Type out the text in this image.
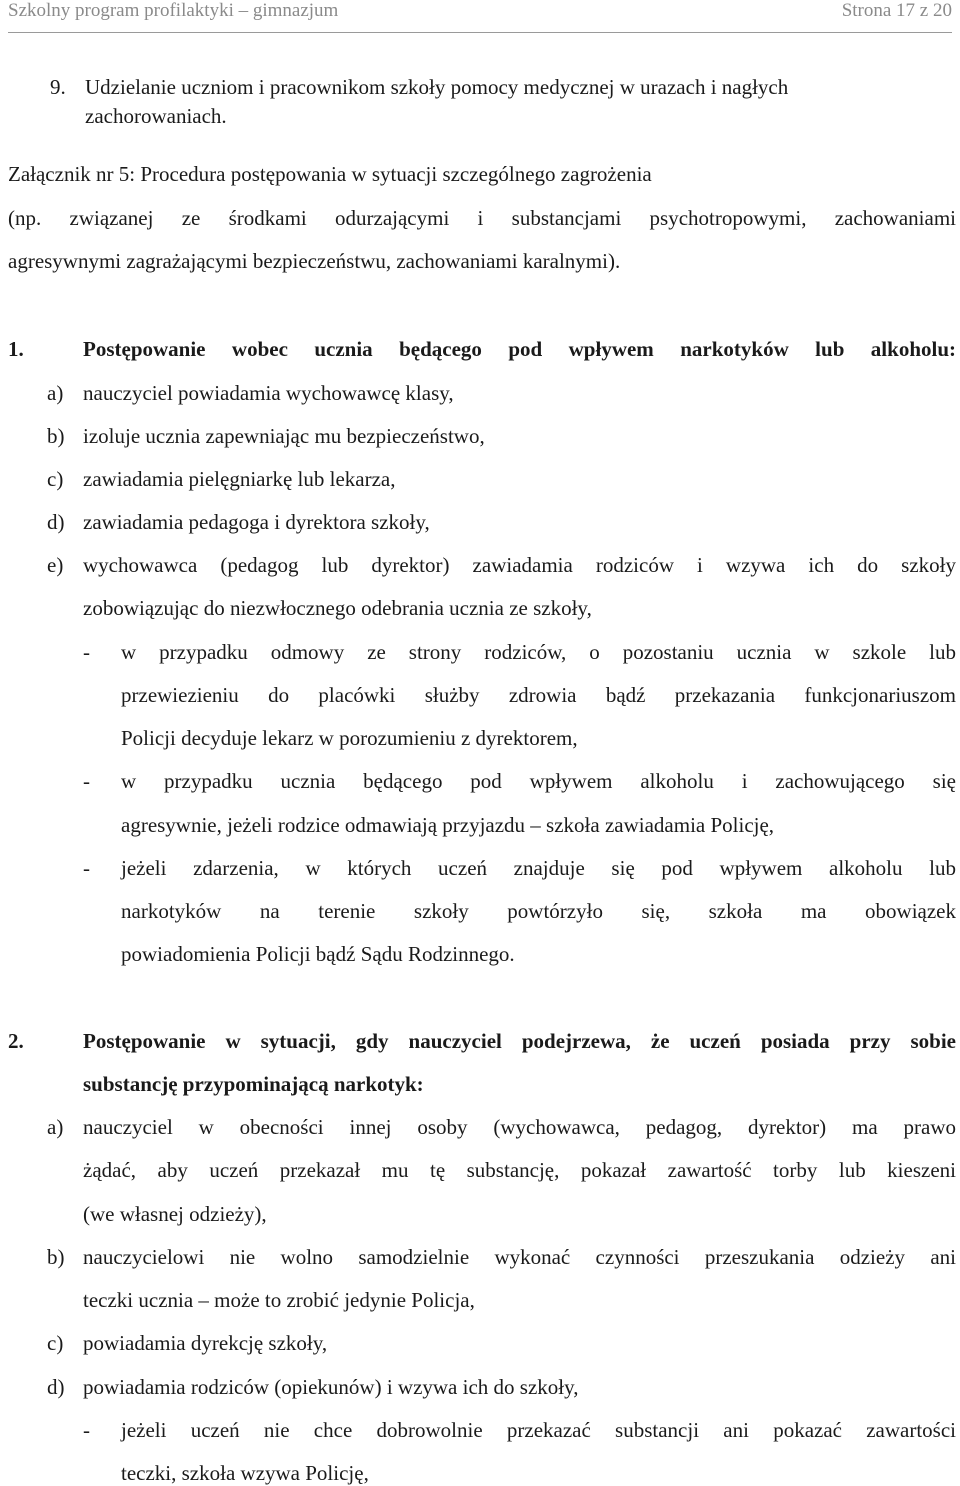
Szkolny program profilaktyki – gimnazjum	Strona 17 z 20
9. Udzielanie uczniom i pracownikom szkoły pomocy medycznej w urazach i nagłych
zachorowaniach.
Załącznik nr 5: Procedura postępowania w sytuacji szczególnego zagrożenia
(np. związanej ze środkami odurzającymi i substancjami psychotropowymi, zachowaniami
agresywnymi zagrażającymi bezpieczeństwu, zachowaniami karalnymi).
1.	Postępowanie wobec ucznia będącego pod wpływem narkotyków lub alkoholu:
a) nauczyciel powiadamia wychowawcę klasy,
b) izoluje ucznia zapewniając mu bezpieczeństwo,
c) zawiadamia pielęgniarkę lub lekarza,
d) zawiadamia pedagoga i dyrektora szkoły,
e) wychowawca (pedagog lub dyrektor) zawiadamia rodziców i wzywa ich do szkoły
zobowiązując do niezwłocznego odebrania ucznia ze szkoły,
- w przypadku odmowy ze strony rodziców, o pozostaniu ucznia w szkole lub
przewiezieniu do placówki służby zdrowia bądź przekazania funkcjonariuszom
Policji decyduje lekarz w porozumieniu z dyrektorem,
- w przypadku ucznia będącego pod wpływem alkoholu i zachowującego się
agresywnie, jeżeli rodzice odmawiają przyjazdu – szkoła zawiadamia Policję,
- jeżeli zdarzenia, w których uczeń znajduje się pod wpływem alkoholu lub
narkotyków na terenie szkoły powtórzyło się, szkoła ma obowiązek
powiadomienia Policji bądź Sądu Rodzinnego.
2.	Postępowanie w sytuacji, gdy nauczyciel podejrzewa, że uczeń posiada przy sobie
substancję przypominającą narkotyk:
a) nauczyciel w obecności innej osoby (wychowawca, pedagog, dyrektor) ma prawo
żądać, aby uczeń przekazał mu tę substancję, pokazał zawartość torby lub kieszeni
(we własnej odzieży),
b) nauczycielowi nie wolno samodzielnie wykonać czynności przeszukania odzieży ani
teczki ucznia – może to zrobić jedynie Policja,
c) powiadamia dyrekcję szkoły,
d) powiadamia rodziców (opiekunów) i wzywa ich do szkoły,
- jeżeli uczeń nie chce dobrowolnie przekazać substancji ani pokazać zawartości
teczki, szkoła wzywa Policję,
